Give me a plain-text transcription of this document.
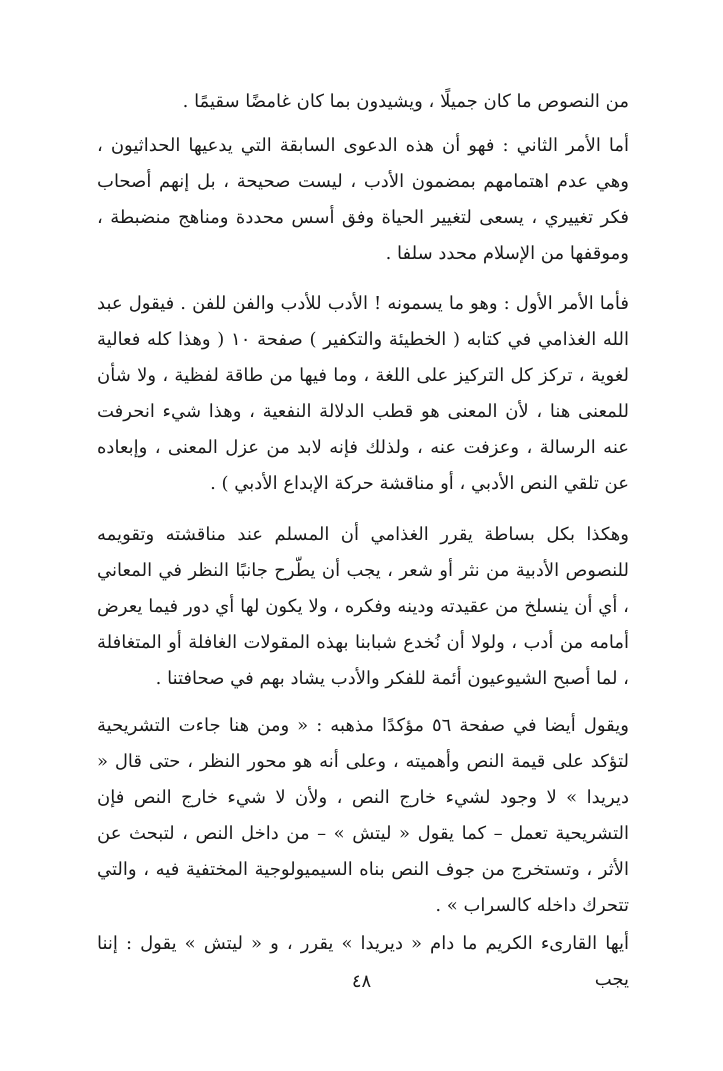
من النصوص ما كان جميلًا ، ويشيدون بما كان غامضًا سقيمًا .

أما الأمر الثاني : فهو أن هذه الدعوى السابقة التي يدعيها الحداثيون ، وهي عدم اهتمامهم بمضمون الأدب ، ليست صحيحة ، بل إنهم أصحاب فكر تغييري ، يسعى لتغيير الحياة وفق أسس محددة ومناهج منضبطة ، وموقفها من الإسلام محدد سلفا .

فأما الأمر الأول : وهو ما يسمونه ! الأدب للأدب والفن للفن . فيقول عبد الله الغذامي في كتابه ( الخطيئة والتكفير ) صفحة ١٠ ( وهذا كله فعالية لغوية ، تركز كل التركيز على اللغة ، وما فيها من طاقة لفظية ، ولا شأن للمعنى هنا ، لأن المعنى هو قطب الدلالة النفعية ، وهذا شيء انحرفت عنه الرسالة ، وعزفت عنه ، ولذلك فإنه لابد من عزل المعنى ، وإبعاده عن تلقي النص الأدبي ، أو مناقشة حركة الإبداع الأدبي ) .

وهكذا بكل بساطة يقرر الغذامي أن المسلم عند مناقشته وتقويمه للنصوص الأدبية من نثر أو شعر ، يجب أن يطّرح جانبًا النظر في المعاني ، أي أن ينسلخ من عقيدته ودينه وفكره ، ولا يكون لها أي دور فيما يعرض أمامه من أدب ، ولولا أن نُخدع شبابنا بهذه المقولات الغافلة أو المتغافلة ، لما أصبح الشيوعيون أئمة للفكر والأدب يشاد بهم في صحافتنا .

ويقول أيضا في صفحة ٥٦ مؤكدًا مذهبه : « ومن هنا جاءت التشريحية لتؤكد على قيمة النص وأهميته ، وعلى أنه هو محور النظر ، حتى قال « ديريدا » لا وجود لشيء خارج النص ، ولأن لا شيء خارج النص فإن التشريحية تعمل – كما يقول « ليتش » – من داخل النص ، لتبحث عن الأثر ، وتستخرج من جوف النص بناه السيميولوجية المختفية فيه ، والتي تتحرك داخله كالسراب » .

أيها القارىء الكريم ما دام « ديريدا » يقرر ، و « ليتش » يقول : إننا يجب

٤٨
